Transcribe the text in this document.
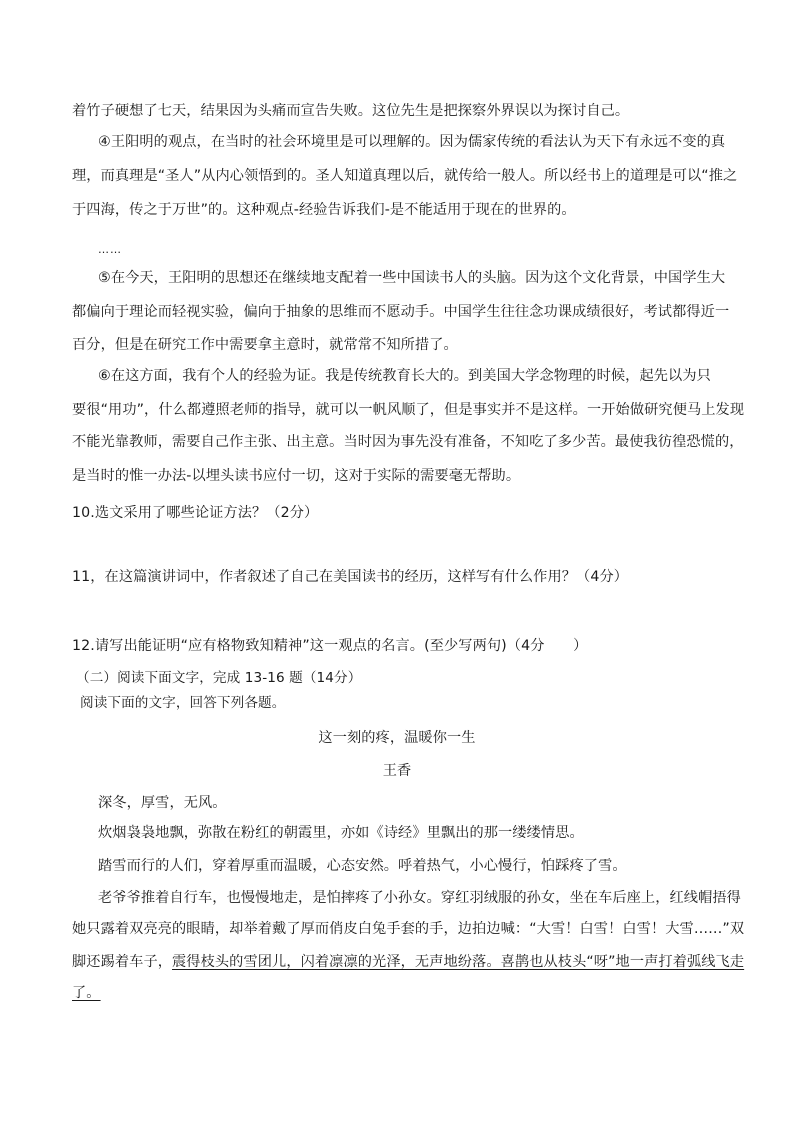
着竹子硬想了七天，结果因为头痛而宣告失败。这位先生是把探察外界误以为探讨自己。
④王阳明的观点，在当时的社会环境里是可以理解的。因为儒家传统的看法认为天下有永远不变的真
理，而真理是“圣人”从内心领悟到的。圣人知道真理以后，就传给一般人。所以经书上的道理是可以“推之
于四海，传之于万世”的。这种观点-经验告诉我们-是不能适用于现在的世界的。
……
⑤在今天，王阳明的思想还在继续地支配着一些中国读书人的头脑。因为这个文化背景，中国学生大
都偏向于理论而轻视实验，偏向于抽象的思维而不愿动手。中国学生往往念功课成绩很好，考试都得近一
百分，但是在研究工作中需要拿主意时，就常常不知所措了。
⑥在这方面，我有个人的经验为证。我是传统教育长大的。到美国大学念物理的时候，起先以为只
要很“用功”，什么都遵照老师的指导，就可以一帆风顺了，但是事实并不是这样。一开始做研究便马上发现
不能光靠教师，需要自己作主张、出主意。当时因为事先没有准备，不知吃了多少苦。最使我彷徨恐慌的，
是当时的惟一办法-以埋头读书应付一切，这对于实际的需要毫无帮助。
10.选文采用了哪些论证方法？（2分）
11，在这篇演讲词中，作者叙述了自己在美国读书的经历，这样写有什么作用？（4分）
12.请写出能证明“应有格物致知精神”这一观点的名言。(至少写两句)（4分　　）
（二）阅读下面文字，完成 13-16 题（14分）
阅读下面的文字，回答下列各题。
这一刻的疼，温暖你一生
王香
深冬，厚雪，无风。
炊烟袅袅地飘，弥散在粉红的朝霞里，亦如《诗经》里飘出的那一缕缕情思。
踏雪而行的人们，穿着厚重而温暖，心态安然。呼着热气，小心慢行，怕踩疼了雪。
老爷爷推着自行车，也慢慢地走，是怕摔疼了小孙女。穿红羽绒服的孙女，坐在车后座上，红线帽捂得
她只露着双亮亮的眼睛，却举着戴了厚而俏皮白兔手套的手，边拍边喊：“大雪！白雪！白雪！大雪……”双
脚还踢着车子，震得枝头的雪团儿，闪着凛凛的光泽，无声地纷落。喜鹊也从枝头“呀”地一声打着弧线飞走
了。
